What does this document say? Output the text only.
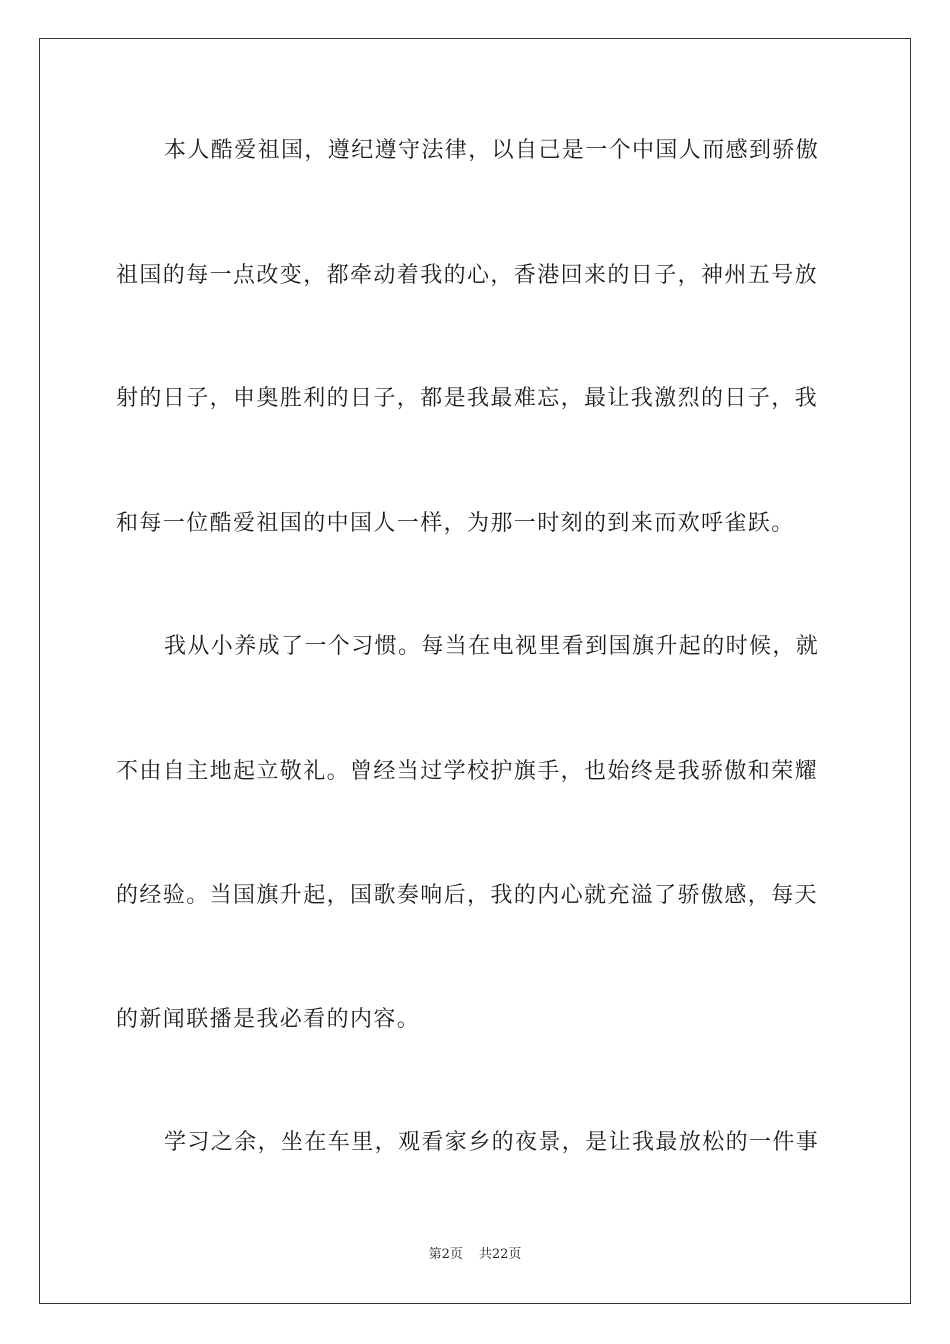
本人酷爱祖国，遵纪遵守法律，以自己是一个中国人而感到骄傲
祖国的每一点改变，都牵动着我的心，香港回来的日子，神州五号放
射的日子，申奥胜利的日子，都是我最难忘，最让我激烈的日子，我
和每一位酷爱祖国的中国人一样，为那一时刻的到来而欢呼雀跃。
我从小养成了一个习惯。每当在电视里看到国旗升起的时候，就
不由自主地起立敬礼。曾经当过学校护旗手，也始终是我骄傲和荣耀
的经验。当国旗升起，国歌奏响后，我的内心就充溢了骄傲感，每天
的新闻联播是我必看的内容。
学习之余，坐在车里，观看家乡的夜景，是让我最放松的一件事
第2页 共22页
